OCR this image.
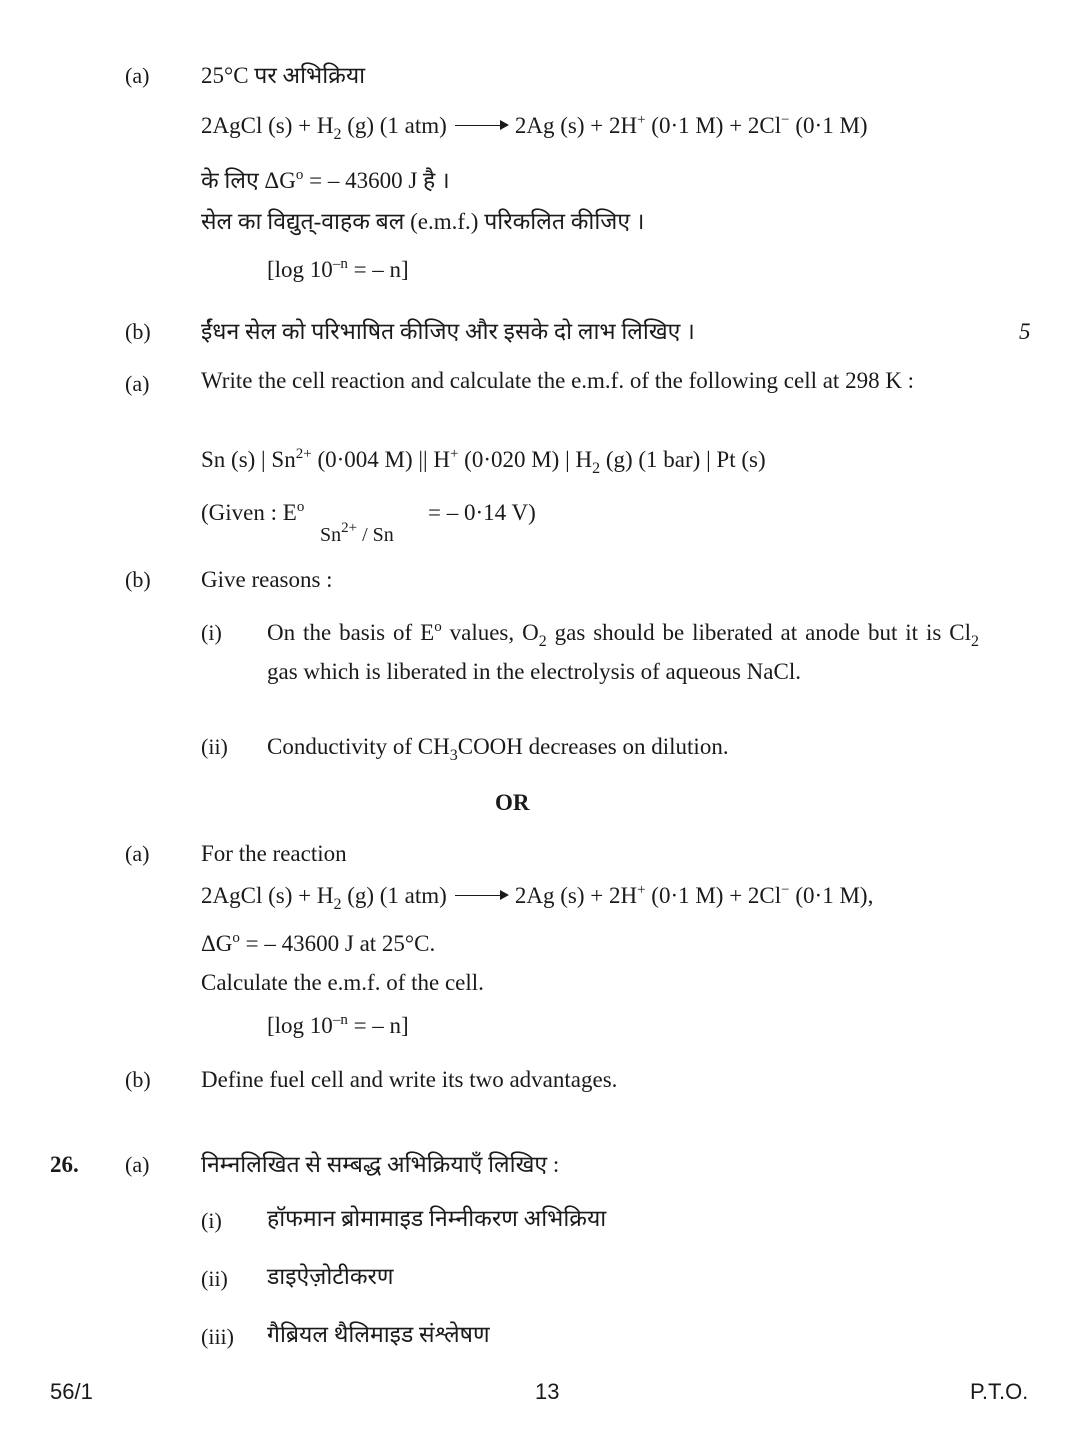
(a) 25°C पर अभिक्रिया
2AgCl $(s) + H_2$ (g) (1 atm) → 2Ag (s) + 2H+ (0·1 M) + 2Cl− (0·1 M)
के लिए $\Delta G^o$ = – 43600 J है ।
सेल का विद्युत्-वाहक बल (e.m.f.) परिकलित कीजिए ।
[log $10^{-n}$ = – n]
(b) ईंधन सेल को परिभाषित कीजिए और इसके दो लाभ लिखिए ।	5
(a) Write the cell reaction and calculate the e.m.f. of the following cell at 298 K :
Sn (s) | $Sn^{2+}$ (0·004 M) || H+ (0·020 M) | $H_2$ (g) (1 bar) | Pt (s)
(Given : $E^o$
$Sn^{2+}$ / Sn
= – 0·14 V)
(b) Give reasons :
(i) On the basis of $E^o$ values, $O_2$ gas should be liberated at anode but it is $Cl_2$ gas which is liberated in the electrolysis of aqueous NaCl.
(ii) Conductivity of $CH_3COOH$ decreases on dilution.
OR
(a) For the reaction
2AgCl $(s) + H_2$ (g) (1 atm) → 2Ag (s) + 2H+ (0·1 M) + 2Cl− (0·1 M),
$\Delta G^o$ = – 43600 J at 25°C.
Calculate the e.m.f. of the cell.
[log $10^{-n}$ = – n]
(b) Define fuel cell and write its two advantages.
26. (a) निम्नलिखित से सम्बद्ध अभिक्रियाएँ लिखिए :
(i) हॉफमान ब्रोमामाइड निम्नीकरण अभिक्रिया
(ii) डाइऐज़ोटीकरण
(iii) गैब्रियल थैलिमाइड संश्लेषण
56/1	13	P.T.O.
